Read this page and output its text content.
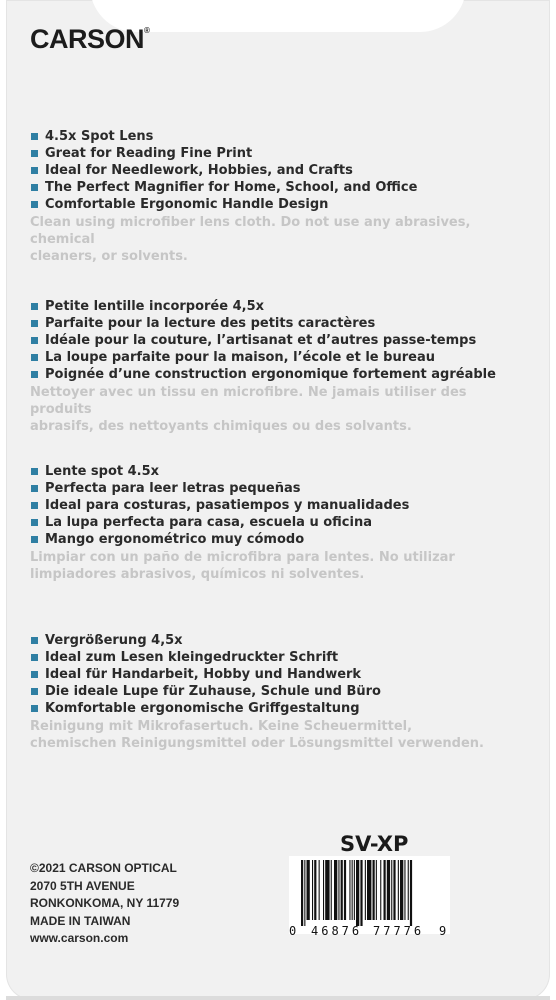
CARSON®
4.5x Spot Lens
Great for Reading Fine Print
Ideal for Needlework, Hobbies, and Crafts
The Perfect Magnifier for Home, School, and Office
Comfortable Ergonomic Handle Design
Clean using microfiber lens cloth. Do not use any abrasives, chemical
cleaners, or solvents.
Petite lentille incorporée 4,5x
Parfaite pour la lecture des petits caractères
Idéale pour la couture, l’artisanat et d’autres passe-temps
La loupe parfaite pour la maison, l’école et le bureau
Poignée d’une construction ergonomique fortement agréable
Nettoyer avec un tissu en microfibre. Ne jamais utiliser des produits
abrasifs, des nettoyants chimiques ou des solvants.
Lente spot 4.5x
Perfecta para leer letras pequeñas
Ideal para costuras, pasatiempos y manualidades
La lupa perfecta para casa, escuela u oficina
Mango ergonométrico muy cómodo
Limpiar con un paño de microfibra para lentes. No utilizar
limpiadores abrasivos, químicos ni solventes.
Vergrößerung 4,5x
Ideal zum Lesen kleingedruckter Schrift
Ideal für Handarbeit, Hobby und Handwerk
Die ideale Lupe für Zuhause, Schule und Büro
Komfortable ergonomische Griffgestaltung
Reinigung mit Mikrofasertuch. Keine Scheuermittel,
chemischen Reinigungsmittel oder Lösungsmittel verwenden.
SV-XP
©2021 CARSON OPTICAL
2070 5TH AVENUE
RONKONKOMA, NY 11779
MADE IN TAIWAN
www.carson.com	0 46876 77776 9
